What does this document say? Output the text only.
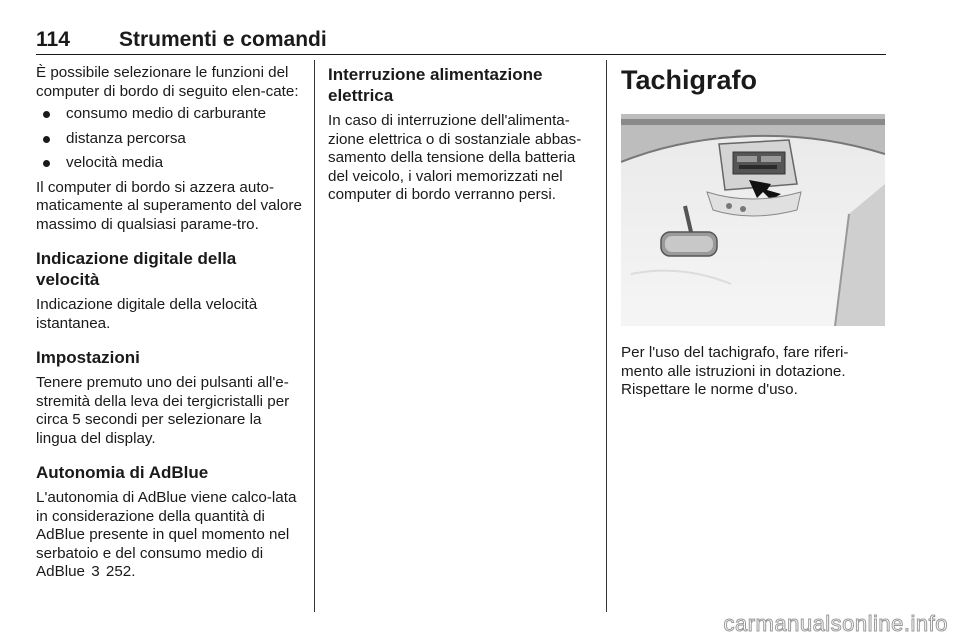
114 Strumenti e comandi

È possibile selezionare le funzioni del computer di bordo di seguito elen-cate:

consumo medio di carburante
distanza percorsa
velocità media

Il computer di bordo si azzera auto-maticamente al superamento del valore massimo di qualsiasi parame-tro.

Indicazione digitale della velocità

Indicazione digitale della velocità istantanea.

Impostazioni

Tenere premuto uno dei pulsanti all'e-stremità della leva dei tergicristalli per circa 5 secondi per selezionare la lingua del display.

Autonomia di AdBlue

L'autonomia di AdBlue viene calco-lata in considerazione della quantità di AdBlue presente in quel momento nel serbatoio e del consumo medio di AdBlue 3 252.

Interruzione alimentazione elettrica

In caso di interruzione dell'alimenta-zione elettrica o di sostanziale abbas-samento della tensione della batteria del veicolo, i valori memorizzati nel computer di bordo verranno persi.

Tachigrafo

Per l'uso del tachigrafo, fare riferi-mento alle istruzioni in dotazione. Rispettare le norme d'uso.

carmanualsonline.info
